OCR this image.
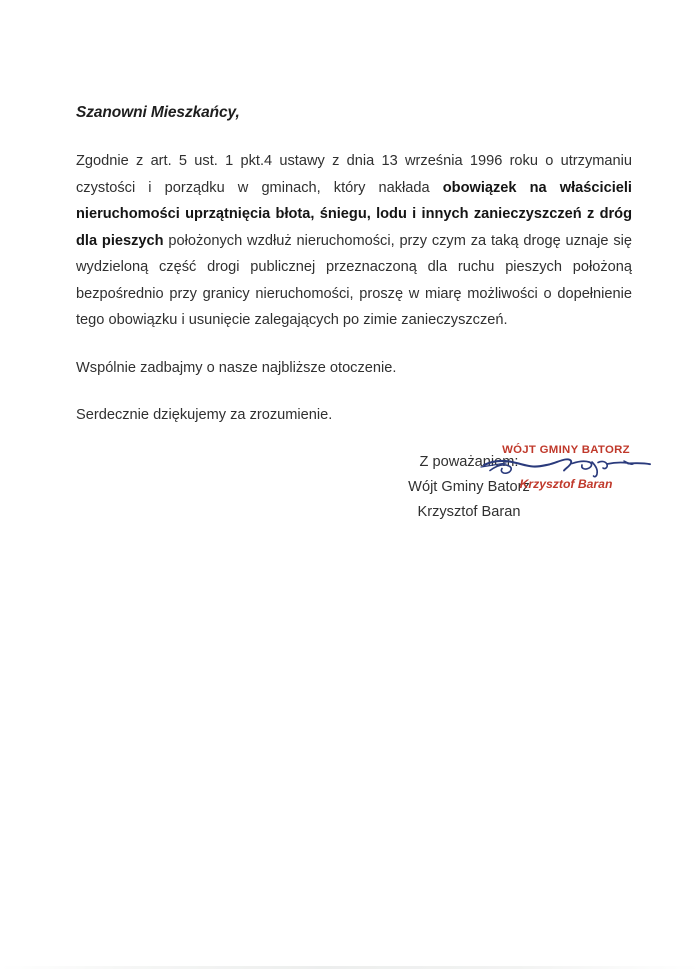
Szanowni Mieszkańcy,

Zgodnie z art. 5 ust. 1 pkt.4 ustawy z dnia 13 września 1996 roku o utrzymaniu czystości i porządku w gminach, który nakłada obowiązek na właścicieli nieruchomości uprzątnięcia błota, śniegu, lodu i innych zanieczyszczeń z dróg dla pieszych położonych wzdłuż nieruchomości, przy czym za taką drogę uznaje się wydzieloną część drogi publicznej przeznaczoną dla ruchu pieszych położoną bezpośrednio przy granicy nieruchomości, proszę w miarę możliwości o dopełnienie tego obowiązku i usunięcie zalegających po zimie zanieczyszczeń.

Wspólnie zadbajmy o nasze najbliższe otoczenie.

Serdecznie dziękujemy za zrozumienie.

Z poważaniem:
Wójt Gminy Batorz
Krzysztof Baran
WÓJT GMINY BATORZ
Krzysztof Baran
